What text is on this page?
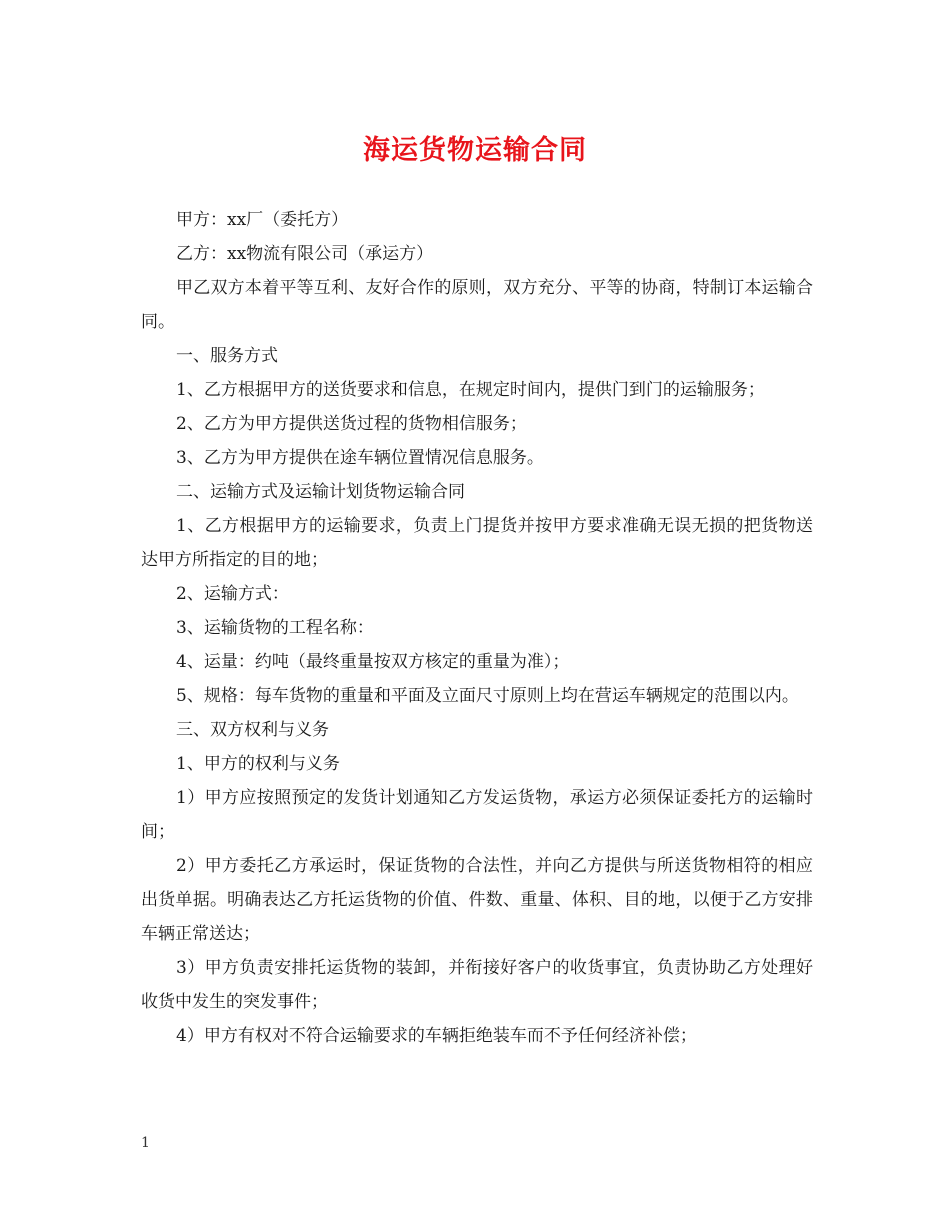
海运货物运输合同

甲方：xx厂（委托方）

乙方：xx物流有限公司（承运方）

甲乙双方本着平等互利、友好合作的原则，双方充分、平等的协商，特制订本运输合同。

一、服务方式

1、乙方根据甲方的送货要求和信息，在规定时间内，提供门到门的运输服务；

2、乙方为甲方提供送货过程的货物相信服务；

3、乙方为甲方提供在途车辆位置情况信息服务。

二、运输方式及运输计划货物运输合同

1、乙方根据甲方的运输要求，负责上门提货并按甲方要求准确无误无损的把货物送达甲方所指定的目的地；

2、运输方式：

3、运输货物的工程名称：

4、运量：约吨（最终重量按双方核定的重量为准）；

5、规格：每车货物的重量和平面及立面尺寸原则上均在营运车辆规定的范围以内。

三、双方权利与义务

1、甲方的权利与义务

1）甲方应按照预定的发货计划通知乙方发运货物，承运方必须保证委托方的运输时间；

2）甲方委托乙方承运时，保证货物的合法性，并向乙方提供与所送货物相符的相应出货单据。明确表达乙方托运货物的价值、件数、重量、体积、目的地，以便于乙方安排车辆正常送达；

3）甲方负责安排托运货物的装卸，并衔接好客户的收货事宜，负责协助乙方处理好收货中发生的突发事件；

4）甲方有权对不符合运输要求的车辆拒绝装车而不予任何经济补偿；

1
